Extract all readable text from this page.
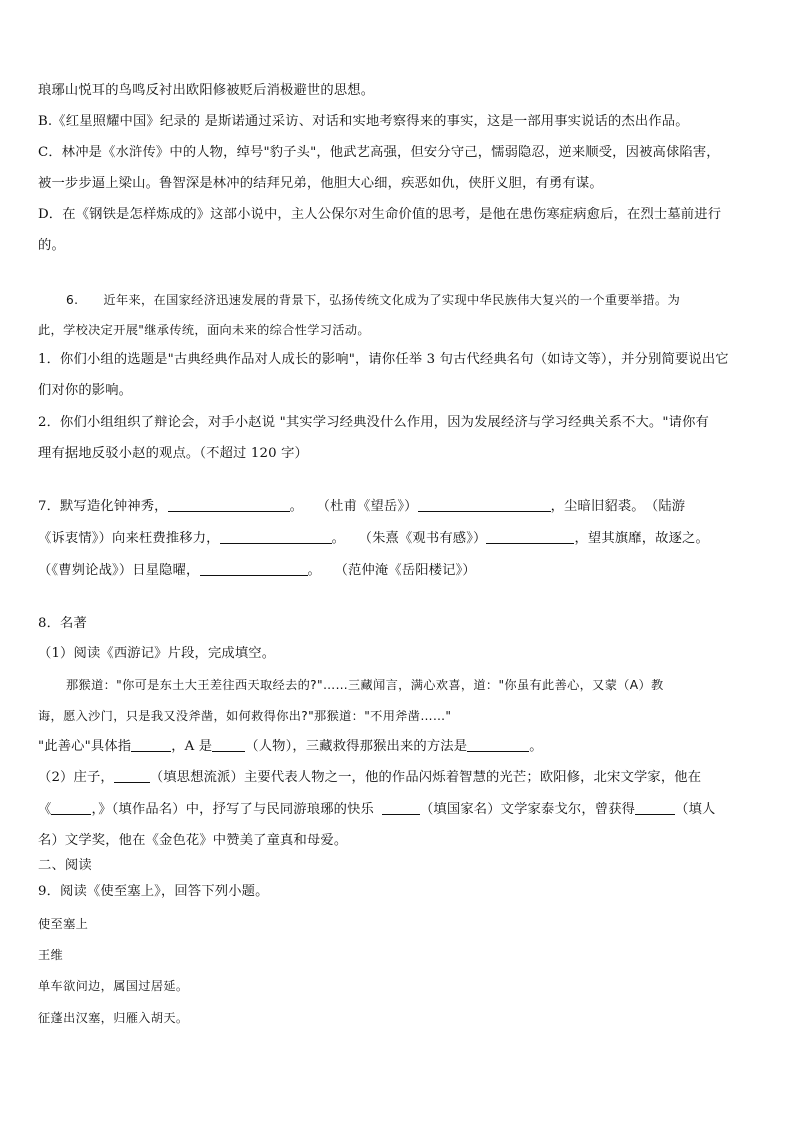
琅琊山悦耳的鸟鸣反衬出欧阳修被贬后消极避世的思想。
B.《红星照耀中国》纪录的 是斯诺通过采访、对话和实地考察得来的事实，这是一部用事实说话的杰出作品。
C．林冲是《水浒传》中的人物，绰号"豹子头"，他武艺高强，但安分守己，懦弱隐忍，逆来顺受，因被高俅陷害，
被一步步逼上梁山。鲁智深是林冲的结拜兄弟，他胆大心细，疾恶如仇，侠肝义胆，有勇有谋。
D．在《钢铁是怎样炼成的》这部小说中，主人公保尔对生命价值的思考，是他在患伤寒症病愈后，在烈士墓前进行
的。
6.　　近年来，在国家经济迅速发展的背景下，弘扬传统文化成为了实现中华民族伟大复兴的一个重要举措。为
此，学校决定开展"继承传统，面向未来的综合性学习活动。
1．你们小组的选题是"古典经典作品对人成长的影响"，请你任举 3 句古代经典名句（如诗文等），并分别简要说出它
们对你的影响。
2．你们小组组织了辩论会，对手小赵说 "其实学习经典没什么作用，因为发展经济与学习经典关系不大。"请你有
理有据地反驳小赵的观点。（不超过 120 字）
7．默写造化钟神秀，	。　　（杜甫《望岳》）	，尘暗旧貂裘。　（陆游
《诉衷情》）向来枉费推移力，	。　　（朱熹《观书有感》）	，望其旗靡，故逐之。
（《曹刿论战》）日星隐曜，	。　　（范仲淹《岳阳楼记》）
8．名著
（1）阅读《西游记》片段，完成填空。
那猴道："你可是东土大王差往西天取经去的?"……三藏闻言，满心欢喜，道："你虽有此善心，又蒙（A）教
诲，愿入沙门，只是我又没斧凿，如何救得你出?"那猴道："不用斧凿……"
"此善心"具体指	，A 是 （人物），三藏救得那猴出来的方法是	。
（2）庄子，	（填思想流派）主要代表人物之一，他的作品闪烁着智慧的光芒；欧阳修，北宋文学家，他在
《	，》（填作品名）中，抒写了与民同游琅琊的快乐	（填国家名）文学家泰戈尔，曾获得	（填人
名）文学奖，他在《金色花》中赞美了童真和母爱。
二、阅读
9．阅读《使至塞上》，回答下列小题。
使至塞上
王维
单车欲问边，属国过居延。
征蓬出汉塞，归雁入胡天。
